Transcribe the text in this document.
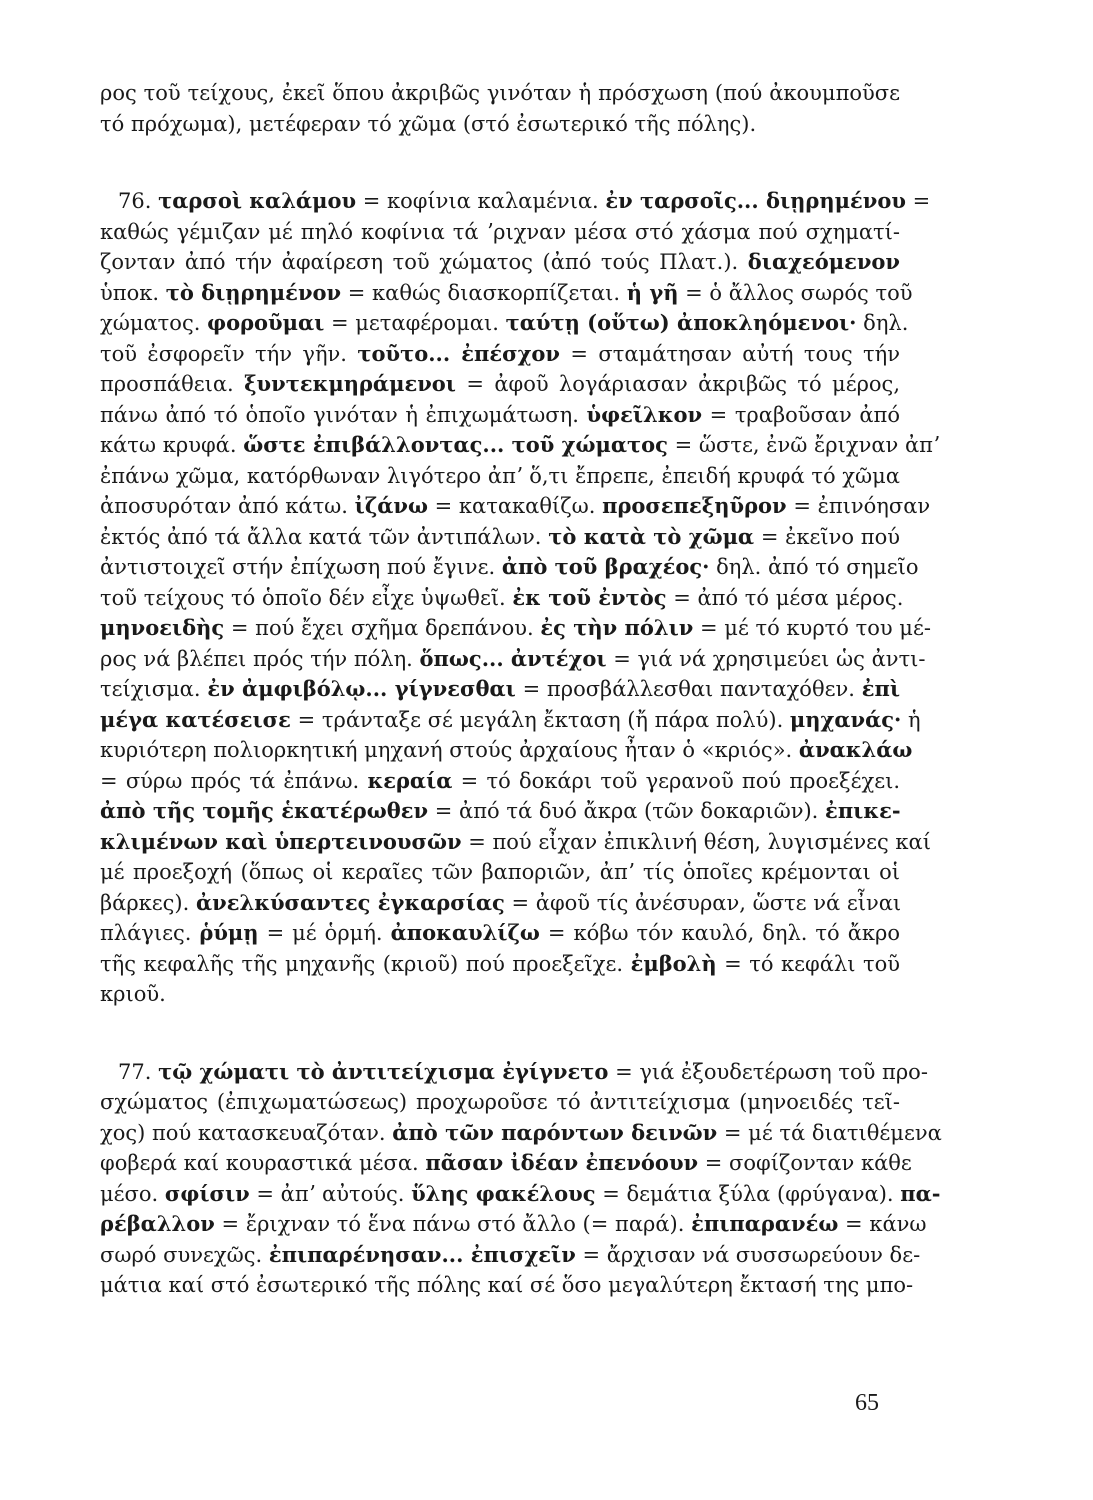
ρος τοῦ τείχους, ἐκεῖ ὅπου ἀκριβῶς γινόταν ἡ πρόσχωση (πού ἀκουμποῦσε
τό πρόχωμα), μετέφεραν τό χῶμα (στό ἐσωτερικό τῆς πόλης).
76. ταρσοὶ καλάμου = κοφίνια καλαμένια. ἐν ταρσοῖς... διῃρημένου =
καθώς γέμιζαν μέ πηλό κοφίνια τά ʼριχναν μέσα στό χάσμα πού σχηματί-
ζονταν ἀπό τήν ἀφαίρεση τοῦ χώματος (ἀπό τούς Πλατ.). διαχεόμενον
ὑποκ. τὸ διῃρημένον = καθώς διασκορπίζεται. ἡ γῆ = ὁ ἄλλος σωρός τοῦ
χώματος. φοροῦμαι = μεταφέρομαι. ταύτῃ (οὕτω) ἀποκληόμενοι· δηλ.
τοῦ ἐσφορεῖν τήν γῆν. τοῦτο... ἐπέσχον = σταμάτησαν αὐτή τους τήν
προσπάθεια. ξυντεκμηράμενοι = ἀφοῦ λογάριασαν ἀκριβῶς τό μέρος,
πάνω ἀπό τό ὁποῖο γινόταν ἡ ἐπιχωμάτωση. ὑφεῖλκον = τραβοῦσαν ἀπό
κάτω κρυφά. ὥστε ἐπιβάλλοντας... τοῦ χώματος = ὥστε, ἐνῶ ἔριχναν ἀπʼ
ἐπάνω χῶμα, κατόρθωναν λιγότερο ἀπʼ ὅ,τι ἔπρεπε, ἐπειδή κρυφά τό χῶμα
ἀποσυρόταν ἀπό κάτω. ἰζάνω = κατακαθίζω. προσεπεξηῦρον = ἐπινόησαν
ἐκτός ἀπό τά ἄλλα κατά τῶν ἀντιπάλων. τὸ κατὰ τὸ χῶμα = ἐκεῖνο πού
ἀντιστοιχεῖ στήν ἐπίχωση πού ἔγινε. ἀπὸ τοῦ βραχέος· δηλ. ἀπό τό σημεῖο
τοῦ τείχους τό ὁποῖο δέν εἶχε ὑψωθεῖ. ἐκ τοῦ ἐντὸς = ἀπό τό μέσα μέρος.
μηνοειδὴς = πού ἔχει σχῆμα δρεπάνου. ἐς τὴν πόλιν = μέ τό κυρτό του μέ-
ρος νά βλέπει πρός τήν πόλη. ὅπως... ἀντέχοι = γιά νά χρησιμεύει ὡς ἀντι-
τείχισμα. ἐν ἀμφιβόλῳ... γίγνεσθαι = προσβάλλεσθαι πανταχόθεν. ἐπὶ
μέγα κατέσεισε = τράνταξε σέ μεγάλη ἔκταση (ἤ πάρα πολύ). μηχανάς· ἡ
κυριότερη πολιορκητική μηχανή στούς ἀρχαίους ἦταν ὁ «κριός». ἀνακλάω
= σύρω πρός τά ἐπάνω. κεραία = τό δοκάρι τοῦ γερανοῦ πού προεξέχει.
ἀπὸ τῆς τομῆς ἑκατέρωθεν = ἀπό τά δυό ἄκρα (τῶν δοκαριῶν). ἐπικε-
κλιμένων καὶ ὑπερτεινουσῶν = πού εἶχαν ἐπικλινή θέση, λυγισμένες καί
μέ προεξοχή (ὅπως οἱ κεραῖες τῶν βαποριῶν, ἀπʼ τίς ὁποῖες κρέμονται οἱ
βάρκες). ἀνελκύσαντες ἐγκαρσίας = ἀφοῦ τίς ἀνέσυραν, ὥστε νά εἶναι
πλάγιες. ῥύμῃ = μέ ὁρμή. ἀποκαυλίζω = κόβω τόν καυλό, δηλ. τό ἄκρο
τῆς κεφαλῆς τῆς μηχανῆς (κριοῦ) πού προεξεῖχε. ἐμβολὴ = τό κεφάλι τοῦ
κριοῦ.
77. τῷ χώματι τὸ ἀντιτείχισμα ἐγίγνετο = γιά ἐξουδετέρωση τοῦ προ-
σχώματος (ἐπιχωματώσεως) προχωροῦσε τό ἀντιτείχισμα (μηνοειδές τεῖ-
χος) πού κατασκευαζόταν. ἀπὸ τῶν παρόντων δεινῶν = μέ τά διατιθέμενα
φοβερά καί κουραστικά μέσα. πᾶσαν ἰδέαν ἐπενόουν = σοφίζονταν κάθε
μέσο. σφίσιν = ἀπʼ αὐτούς. ὕλης φακέλους = δεμάτια ξύλα (φρύγανα). πα-
ρέβαλλον = ἔριχναν τό ἕνα πάνω στό ἄλλο (= παρά). ἐπιπαρανέω = κάνω
σωρό συνεχῶς. ἐπιπαρένησαν... ἐπισχεῖν = ἄρχισαν νά συσσωρεύουν δε-
μάτια καί στό ἐσωτερικό τῆς πόλης καί σέ ὅσο μεγαλύτερη ἔκτασή της μπο-
65
